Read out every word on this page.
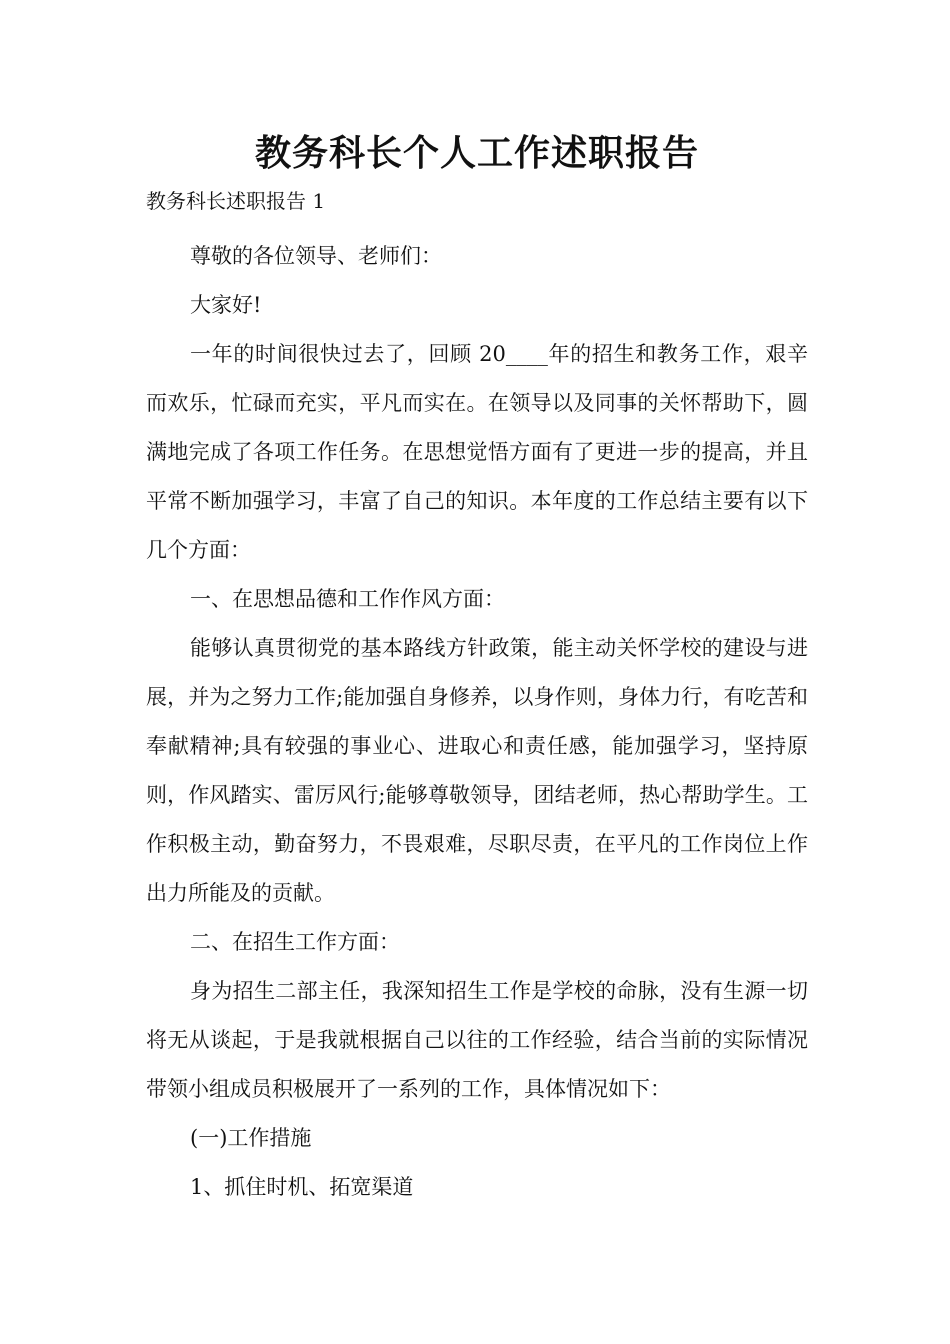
教务科长个人工作述职报告

教务科长述职报告 1

尊敬的各位领导、老师们：

大家好!

一年的时间很快过去了，回顾 20____年的招生和教务工作，艰辛而欢乐，忙碌而充实，平凡而实在。在领导以及同事的关怀帮助下，圆满地完成了各项工作任务。在思想觉悟方面有了更进一步的提高，并且平常不断加强学习，丰富了自己的知识。本年度的工作总结主要有以下几个方面：

一、在思想品德和工作作风方面：

能够认真贯彻党的基本路线方针政策，能主动关怀学校的建设与进展，并为之努力工作;能加强自身修养，以身作则，身体力行，有吃苦和奉献精神;具有较强的事业心、进取心和责任感，能加强学习，坚持原则，作风踏实、雷厉风行;能够尊敬领导，团结老师，热心帮助学生。工作积极主动，勤奋努力，不畏艰难，尽职尽责，在平凡的工作岗位上作出力所能及的贡献。

二、在招生工作方面：

身为招生二部主任，我深知招生工作是学校的命脉，没有生源一切将无从谈起，于是我就根据自己以往的工作经验，结合当前的实际情况带领小组成员积极展开了一系列的工作，具体情况如下：

(一)工作措施

1、抓住时机、拓宽渠道
